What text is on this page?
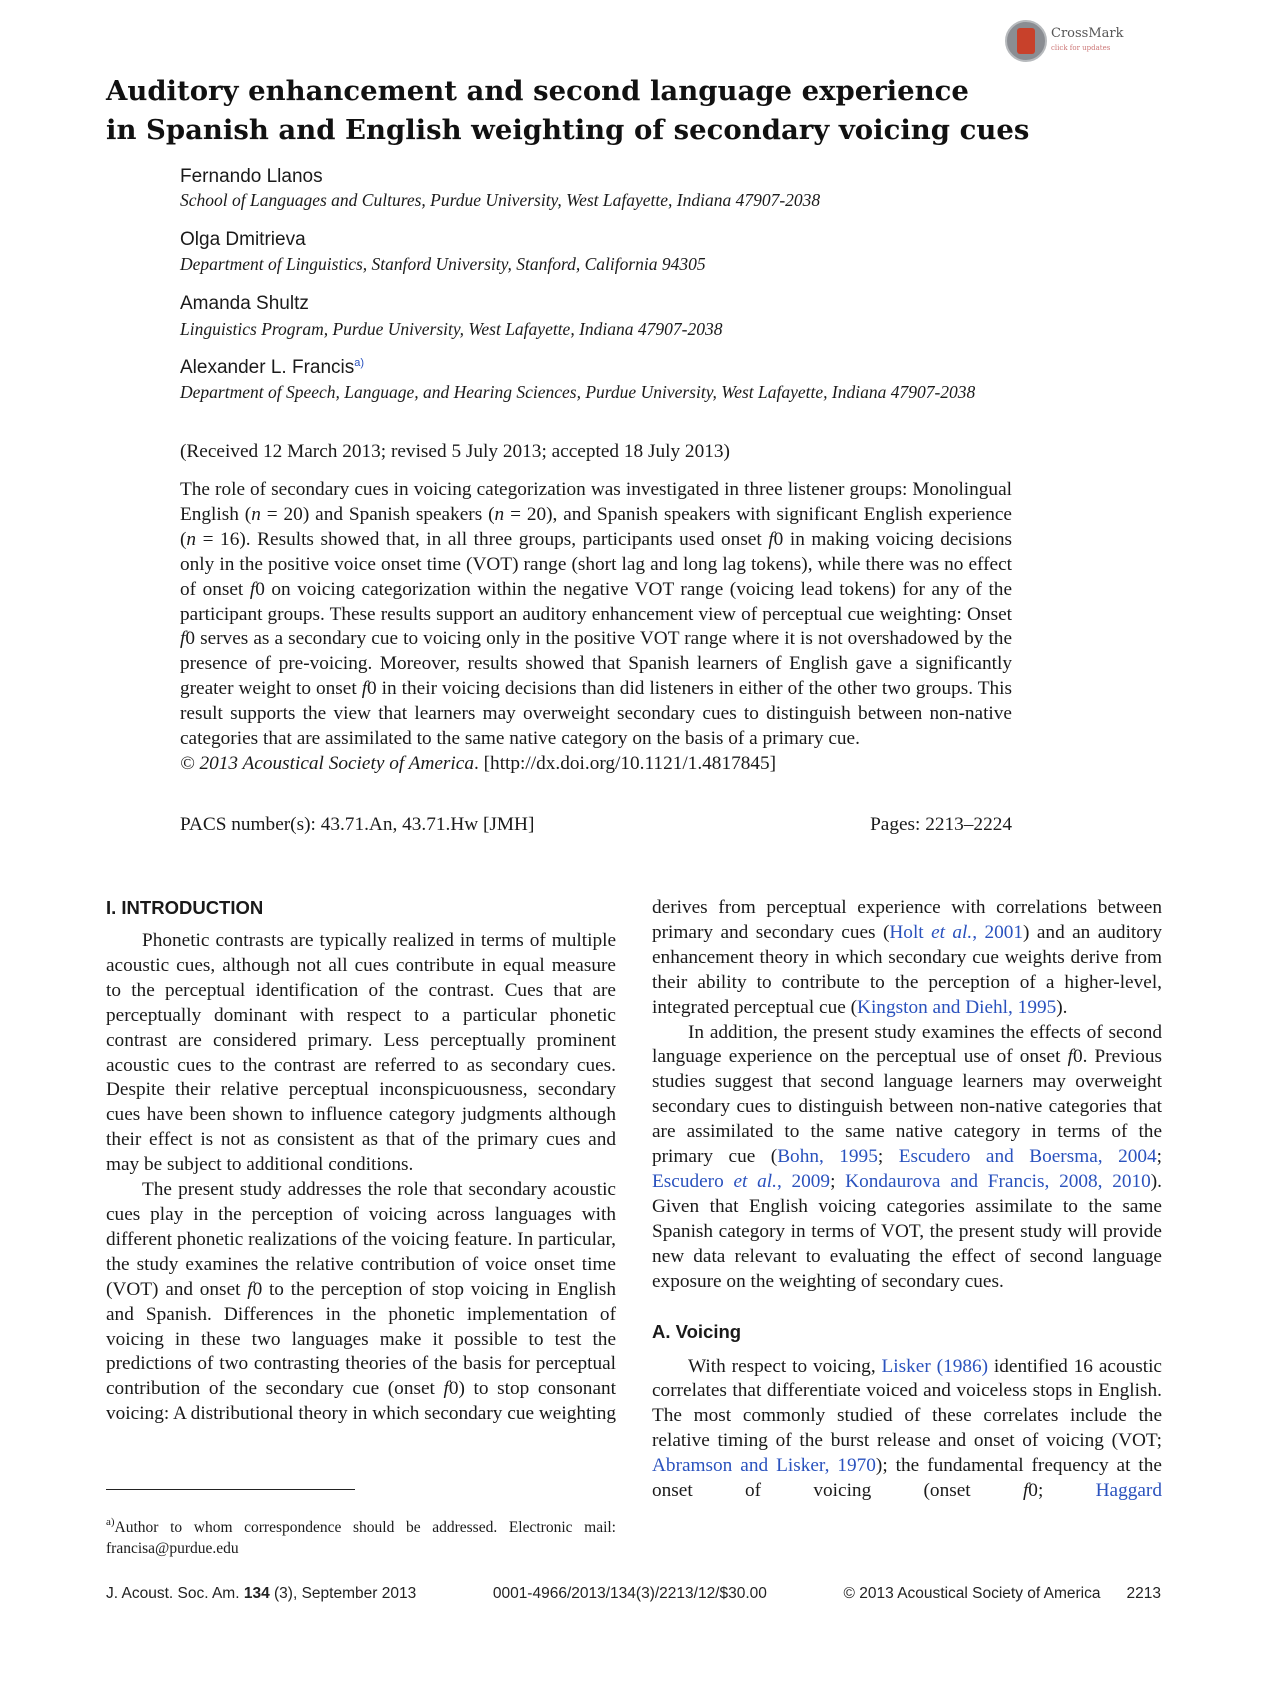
CrossMark
click for updates
Auditory enhancement and second language experience
in Spanish and English weighting of secondary voicing cues
Fernando Llanos
School of Languages and Cultures, Purdue University, West Lafayette, Indiana 47907-2038
Olga Dmitrieva
Department of Linguistics, Stanford University, Stanford, California 94305
Amanda Shultz
Linguistics Program, Purdue University, West Lafayette, Indiana 47907-2038
Alexander L. Francis$^{a)}$
Department of Speech, Language, and Hearing Sciences, Purdue University, West Lafayette, Indiana 47907-2038
(Received 12 March 2013; revised 5 July 2013; accepted 18 July 2013)
The role of secondary cues in voicing categorization was investigated in three listener groups: Monolingual English (n = 20) and Spanish speakers (n = 20), and Spanish speakers with significant English experience (n = 16). Results showed that, in all three groups, participants used onset f0 in making voicing decisions only in the positive voice onset time (VOT) range (short lag and long lag tokens), while there was no effect of onset f0 on voicing categorization within the negative VOT range (voicing lead tokens) for any of the participant groups. These results support an auditory enhancement view of perceptual cue weighting: Onset f0 serves as a secondary cue to voicing only in the positive VOT range where it is not overshadowed by the presence of pre-voicing. Moreover, results showed that Spanish learners of English gave a significantly greater weight to onset f0 in their voicing decisions than did listeners in either of the other two groups. This result supports the view that learners may overweight secondary cues to distinguish between non-native categories that are assimilated to the same native category on the basis of a primary cue.
© 2013 Acoustical Society of America. [http://dx.doi.org/10.1121/1.4817845]
PACS number(s): 43.71.An, 43.71.Hw [JMH]	Pages: 2213–2224
I. INTRODUCTION
Phonetic contrasts are typically realized in terms of multiple acoustic cues, although not all cues contribute in equal measure to the perceptual identification of the contrast. Cues that are perceptually dominant with respect to a particular phonetic contrast are considered primary. Less perceptually prominent acoustic cues to the contrast are referred to as secondary cues. Despite their relative perceptual inconspicuousness, secondary cues have been shown to influence category judgments although their effect is not as consistent as that of the primary cues and may be subject to additional conditions.
The present study addresses the role that secondary acoustic cues play in the perception of voicing across languages with different phonetic realizations of the voicing feature. In particular, the study examines the relative contribution of voice onset time (VOT) and onset f0 to the perception of stop voicing in English and Spanish. Differences in the phonetic implementation of voicing in these two languages make it possible to test the predictions of two contrasting theories of the basis for perceptual contribution of the secondary cue (onset f0) to stop consonant voicing: A distributional theory in which secondary cue weighting
derives from perceptual experience with correlations between primary and secondary cues (Holt et al., 2001) and an auditory enhancement theory in which secondary cue weights derive from their ability to contribute to the perception of a higher-level, integrated perceptual cue (Kingston and Diehl, 1995).
In addition, the present study examines the effects of second language experience on the perceptual use of onset f0. Previous studies suggest that second language learners may overweight secondary cues to distinguish between non-native categories that are assimilated to the same native category in terms of the primary cue (Bohn, 1995; Escudero and Boersma, 2004; Escudero et al., 2009; Kondaurova and Francis, 2008, 2010). Given that English voicing categories assimilate to the same Spanish category in terms of VOT, the present study will provide new data relevant to evaluating the effect of second language exposure on the weighting of secondary cues.
A. Voicing
With respect to voicing, Lisker (1986) identified 16 acoustic correlates that differentiate voiced and voiceless stops in English. The most commonly studied of these correlates include the relative timing of the burst release and onset of voicing (VOT; Abramson and Lisker, 1970); the fundamental frequency at the onset of voicing (onset f0; Haggard
$^{a)}$Author to whom correspondence should be addressed. Electronic mail: francisa@purdue.edu
J. Acoust. Soc. Am. 134 (3), September 2013	0001-4966/2013/134(3)/2213/12/$30.00	© 2013 Acoustical Society of America 2213
